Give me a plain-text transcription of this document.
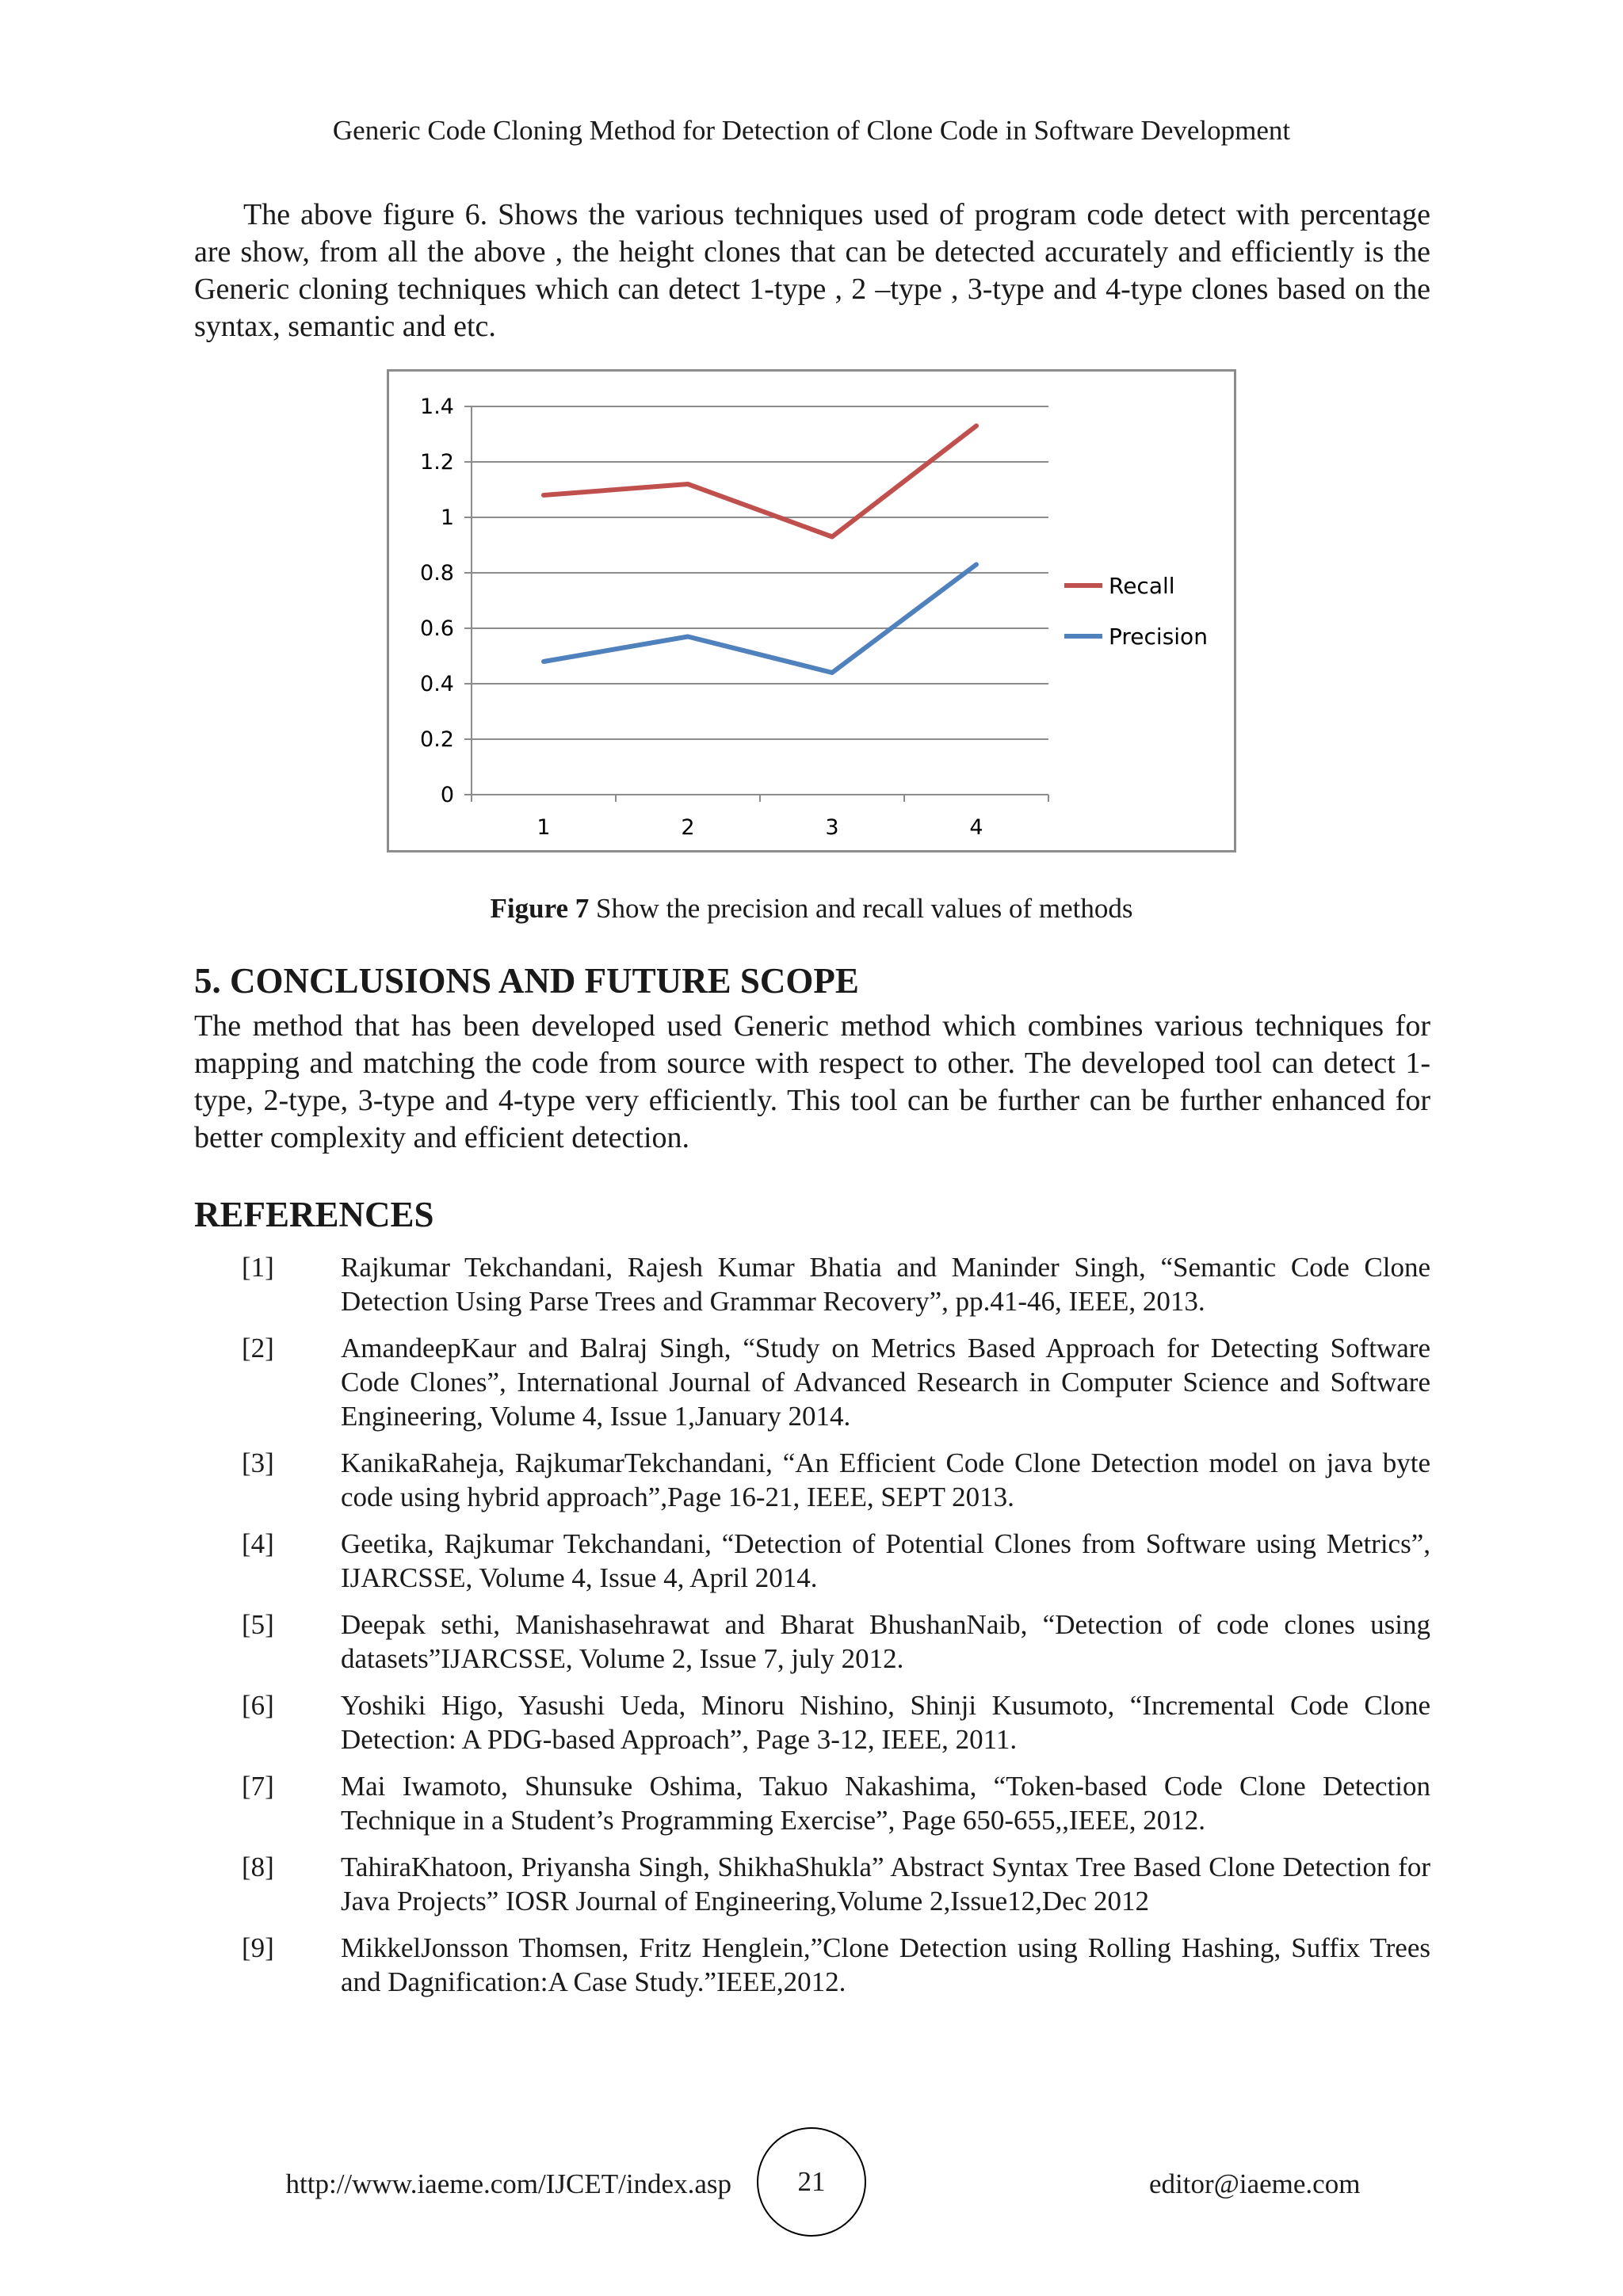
Generic Code Cloning Method for Detection of Clone Code in Software Development

The above figure 6. Shows the various techniques used of program code detect with percentage are show, from all the above , the height clones that can be detected accurately and efficiently is the Generic cloning techniques which can detect 1-type , 2 –type , 3-type and 4-type clones based on the syntax, semantic and etc.

0
0.2
0.4
0.6
0.8
1
1.2
1.4
1	2	3	4
Recall
Precision
Figure 7 Show the precision and recall values of methods
5. CONCLUSIONS AND FUTURE SCOPE

The method that has been developed used Generic method which combines various techniques for mapping and matching the code from source with respect to other. The developed tool can detect 1-type, 2-type, 3-type and 4-type very efficiently. This tool can be further can be further enhanced for better complexity and efficient detection.

REFERENCES
[1] Rajkumar Tekchandani, Rajesh Kumar Bhatia and Maninder Singh, “Semantic Code Clone Detection Using Parse Trees and Grammar Recovery”, pp.41-46, IEEE, 2013.
[2] AmandeepKaur and Balraj Singh, “Study on Metrics Based Approach for Detecting Software Code Clones”, International Journal of Advanced Research in Computer Science and Software Engineering, Volume 4, Issue 1,January 2014.
[3] KanikaRaheja, RajkumarTekchandani, “An Efficient Code Clone Detection model on java byte code using hybrid approach”,Page 16-21, IEEE, SEPT 2013.
[4] Geetika, Rajkumar Tekchandani, “Detection of Potential Clones from Software using Metrics”, IJARCSSE, Volume 4, Issue 4, April 2014.
[5] Deepak sethi, Manishasehrawat and Bharat BhushanNaib, “Detection of code clones using datasets”IJARCSSE, Volume 2, Issue 7, july 2012.
[6] Yoshiki Higo, Yasushi Ueda, Minoru Nishino, Shinji Kusumoto, “Incremental Code Clone Detection: A PDG-based Approach”, Page 3-12, IEEE, 2011.
[7] Mai Iwamoto, Shunsuke Oshima, Takuo Nakashima, “Token-based Code Clone Detection Technique in a Student’s Programming Exercise”, Page 650-655,,IEEE, 2012.
[8] TahiraKhatoon, Priyansha Singh, ShikhaShukla” Abstract Syntax Tree Based Clone Detection for Java Projects” IOSR Journal of Engineering,Volume 2,Issue12,Dec 2012
[9] MikkelJonsson Thomsen, Fritz Henglein,”Clone Detection using Rolling Hashing, Suffix Trees and Dagnification:A Case Study.”IEEE,2012.
http://www.iaeme.com/IJCET/index.asp 21	editor@iaeme.com
